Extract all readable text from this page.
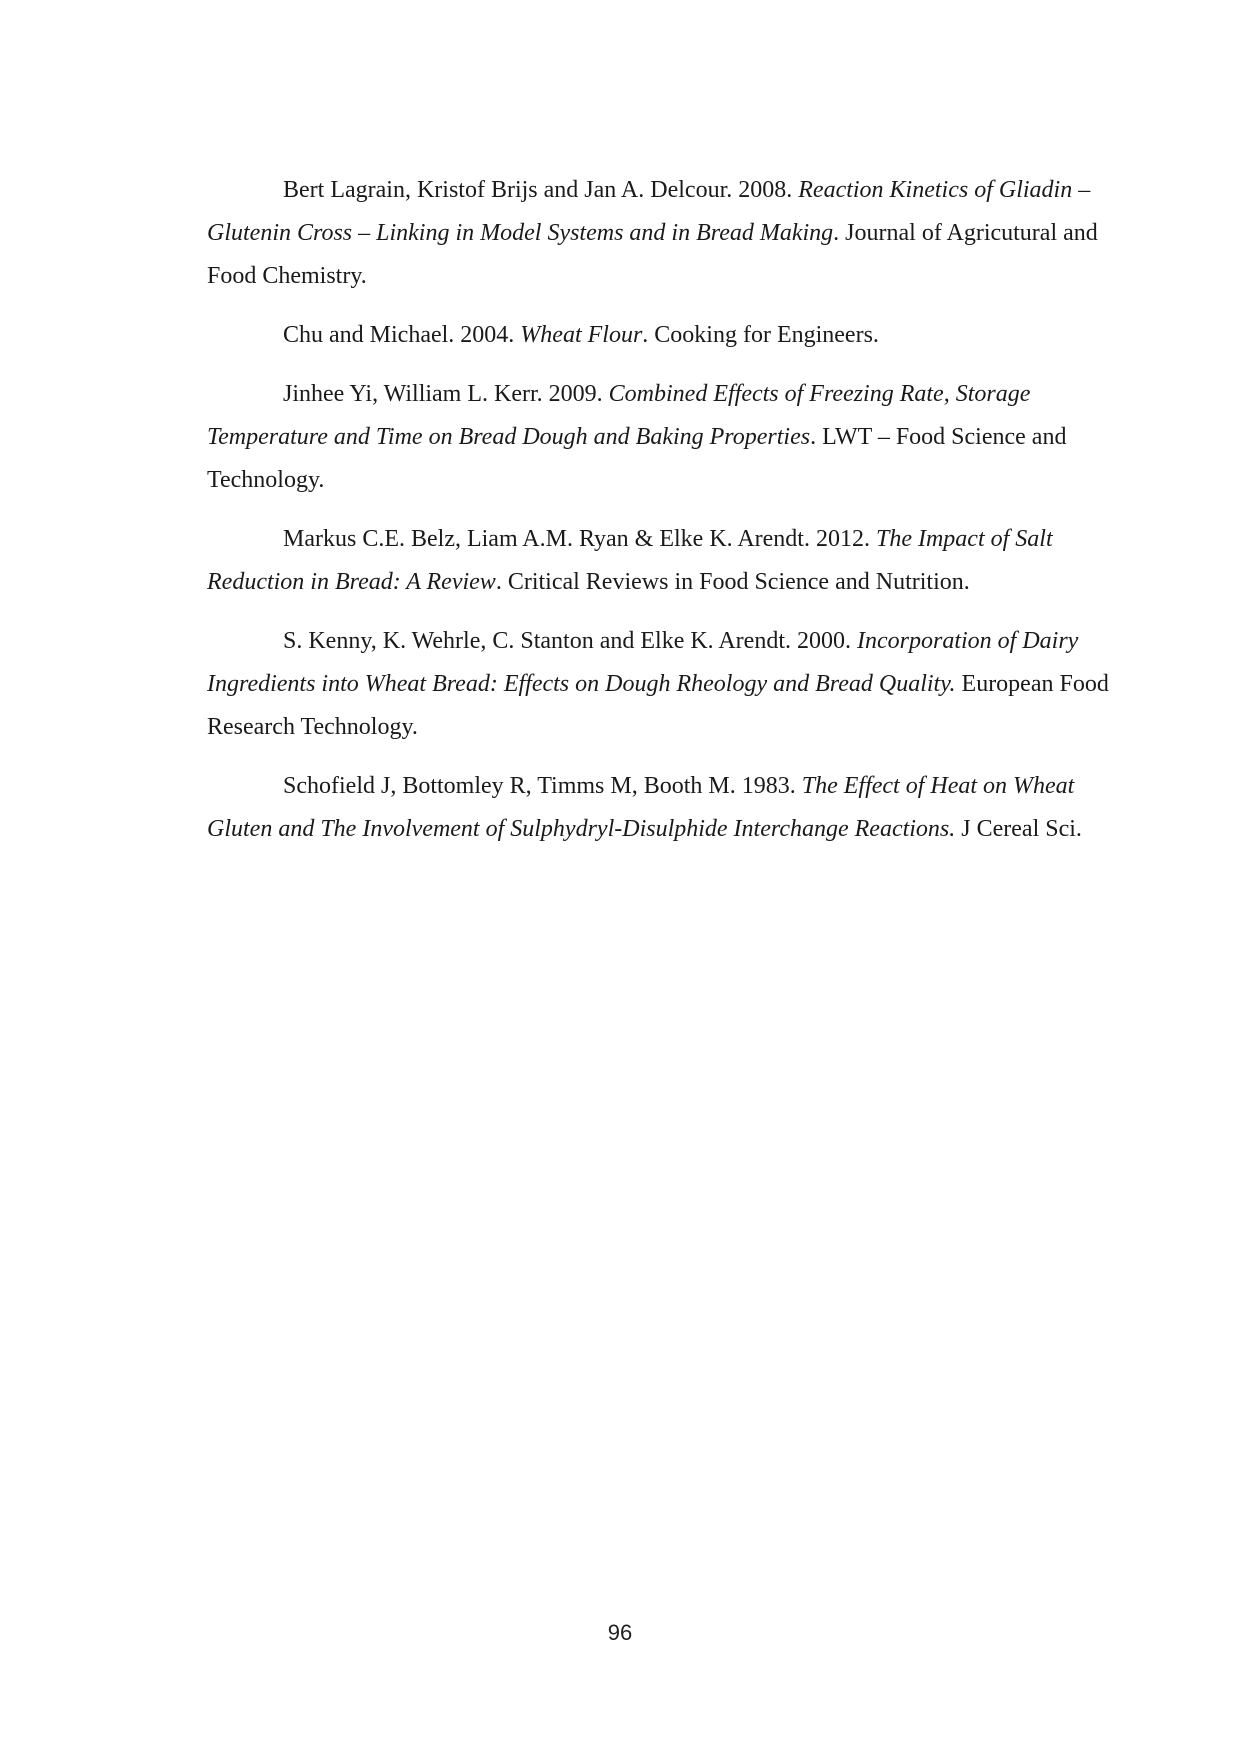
Bert Lagrain, Kristof Brijs and Jan A. Delcour. 2008. Reaction Kinetics of Gliadin – Glutenin Cross – Linking in Model Systems and in Bread Making. Journal of Agricutural and Food Chemistry.

Chu and Michael. 2004. Wheat Flour. Cooking for Engineers.

Jinhee Yi, William L. Kerr. 2009. Combined Effects of Freezing Rate, Storage Temperature and Time on Bread Dough and Baking Properties. LWT – Food Science and Technology.

Markus C.E. Belz, Liam A.M. Ryan & Elke K. Arendt. 2012. The Impact of Salt Reduction in Bread: A Review. Critical Reviews in Food Science and Nutrition.

S. Kenny, K. Wehrle, C. Stanton and Elke K. Arendt. 2000. Incorporation of Dairy Ingredients into Wheat Bread: Effects on Dough Rheology and Bread Quality. European Food Research Technology.

Schofield J, Bottomley R, Timms M, Booth M. 1983. The Effect of Heat on Wheat Gluten and The Involvement of Sulphydryl-Disulphide Interchange Reactions. J Cereal Sci.

96
